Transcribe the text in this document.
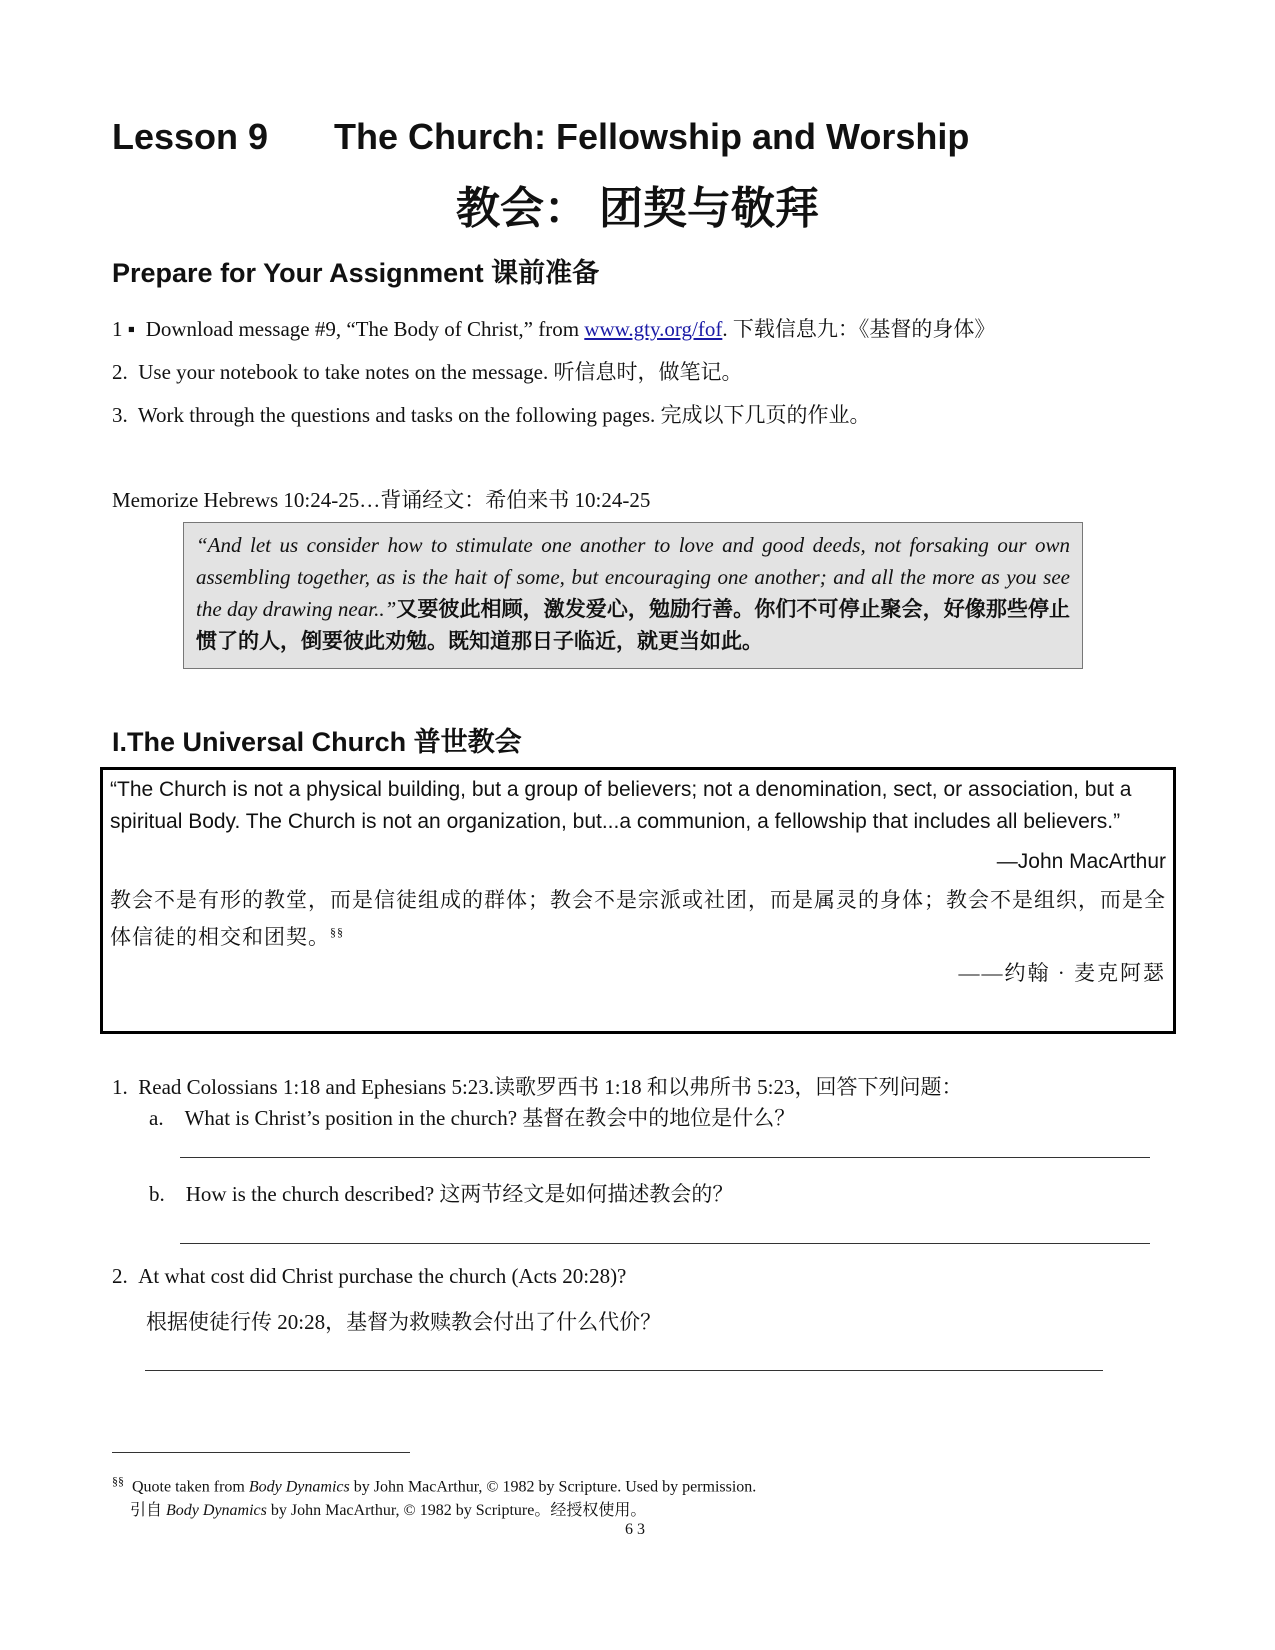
Lesson 9 The Church: Fellowship and Worship
教会： 团契与敬拜
Prepare for Your Assignment 课前准备
1 ▪ Download message #9, “The Body of Christ,” from www.gty.org/fof. 下载信息九：《基督的身体》
2. Use your notebook to take notes on the message. 听信息时，做笔记。
3. Work through the questions and tasks on the following pages. 完成以下几页的作业。
Memorize Hebrews 10:24-25…背诵经文：希伯来书 10:24-25
“And let us consider how to stimulate one another to love and good deeds, not forsaking our own assembling together, as is the hait of some, but encouraging one another; and all the more as you see the day drawing near..”又要彼此相顾，激发爱心，勉励行善。你们不可停止聚会，好像那些停止惯了的人，倒要彼此劝勉。既知道那日子临近，就更当如此。
I.The Universal Church 普世教会
“The Church is not a physical building, but a group of believers; not a denomination, sect, or association, but a spiritual Body. The Church is not an organization, but...a communion, a fellowship that includes all believers.”
—John MacArthur
教会不是有形的教堂，而是信徒组成的群体；教会不是宗派或社团，而是属灵的身体；教会不是组织，而是全体信徒的相交和团契。§§
——约翰 · 麦克阿瑟
1. Read Colossians 1:18 and Ephesians 5:23.读歌罗西书 1:18 和以弗所书 5:23，回答下列问题：
a. What is Christ’s position in the church? 基督在教会中的地位是什么？
b. How is the church described? 这两节经文是如何描述教会的？
2. At what cost did Christ purchase the church (Acts 20:28)?
根据使徒行传 20:28，基督为救赎教会付出了什么代价？
§§ Quote taken from Body Dynamics by John MacArthur, © 1982 by Scripture. Used by permission.
引自 Body Dynamics by John MacArthur, © 1982 by Scripture。经授权使用。
6 3
